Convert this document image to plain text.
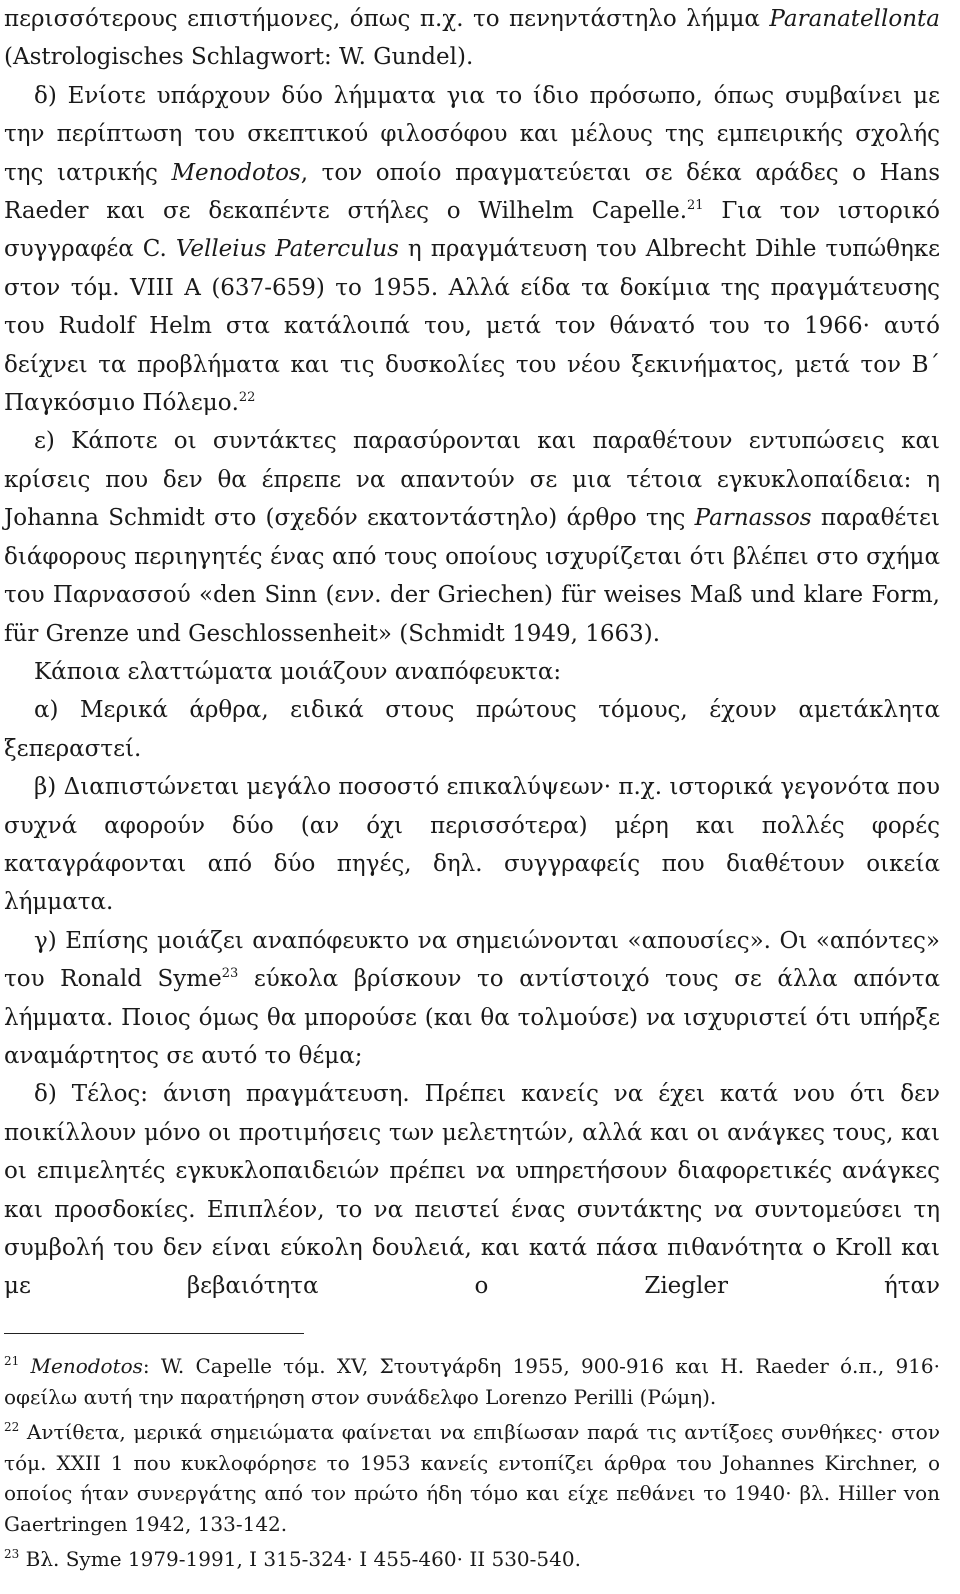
περισσότερους επιστήμονες, όπως π.χ. το πενηντάστηλο λήμμα Paranatellonta (Astrologisches Schlagwort: W. Gundel).
δ) Ενίοτε υπάρχουν δύο λήμματα για το ίδιο πρόσωπο, όπως συμβαίνει με την περίπτωση του σκεπτικού φιλοσόφου και μέλους της εμπειρικής σχολής της ιατρικής Menodotos, τον οποίο πραγματεύεται σε δέκα αράδες ο Hans Raeder και σε δεκαπέντε στήλες ο Wilhelm Capelle.$^{21}$ Για τον ιστορικό συγγραφέα C. Velleius Paterculus η πραγμάτευση του Albrecht Dihle τυπώθηκε στον τόμ. VIII A (637-659) το 1955. Αλλά είδα τα δοκίμια της πραγμάτευσης του Rudolf Helm στα κατάλοιπά του, μετά τον θάνατό του το 1966· αυτό δείχνει τα προβλήματα και τις δυσκολίες του νέου ξεκινήματος, μετά τον Β΄ Παγκόσμιο Πόλεμο.$^{22}$
ε) Κάποτε οι συντάκτες παρασύρονται και παραθέτουν εντυπώσεις και κρίσεις που δεν θα έπρεπε να απαντούν σε μια τέτοια εγκυκλοπαίδεια: η Johanna Schmidt στο (σχεδόν εκατοντάστηλο) άρθρο της Parnassos παραθέτει διάφορους περιηγητές ένας από τους οποίους ισχυρίζεται ότι βλέπει στο σχήμα του Παρνασσού «den Sinn (ενν. der Griechen) für weises Maß und klare Form, für Grenze und Geschlossenheit» (Schmidt 1949, 1663).
Κάποια ελαττώματα μοιάζουν αναπόφευκτα:
α) Μερικά άρθρα, ειδικά στους πρώτους τόμους, έχουν αμετάκλητα ξεπεραστεί.
β) Διαπιστώνεται μεγάλο ποσοστό επικαλύψεων· π.χ. ιστορικά γεγονότα που συχνά αφορούν δύο (αν όχι περισσότερα) μέρη και πολλές φορές καταγράφονται από δύο πηγές, δηλ. συγγραφείς που διαθέτουν οικεία λήμματα.
γ) Επίσης μοιάζει αναπόφευκτο να σημειώνονται «απουσίες». Οι «απόντες» του Ronald Syme$^{23}$ εύκολα βρίσκουν το αντίστοιχό τους σε άλλα απόντα λήμματα. Ποιος όμως θα μπορούσε (και θα τολμούσε) να ισχυριστεί ότι υπήρξε αναμάρτητος σε αυτό το θέμα;
δ) Τέλος: άνιση πραγμάτευση. Πρέπει κανείς να έχει κατά νου ότι δεν ποικίλλουν μόνο οι προτιμήσεις των μελετητών, αλλά και οι ανάγκες τους, και οι επιμελητές εγκυκλοπαιδειών πρέπει να υπηρετήσουν διαφορετικές ανάγκες και προσδοκίες. Επιπλέον, το να πειστεί ένας συντάκτης να συντομεύσει τη συμβολή του δεν είναι εύκολη δουλειά, και κατά πάσα πιθανότητα ο Kroll και με βεβαιότητα ο Ziegler ήταν
$^{21}$ Menodotos: W. Capelle τόμ. XV, Στουτγάρδη 1955, 900-916 και H. Raeder ό.π., 916· οφείλω αυτή την παρατήρηση στον συνάδελφο Lorenzo Perilli (Ρώμη).
$^{22}$ Αντίθετα, μερικά σημειώματα φαίνεται να επιβίωσαν παρά τις αντίξοες συνθήκες· στον τόμ. XXII 1 που κυκλοφόρησε το 1953 κανείς εντοπίζει άρθρα του Johannes Kirchner, ο οποίος ήταν συνεργάτης από τον πρώτο ήδη τόμο και είχε πεθάνει το 1940· βλ. Hiller von Gaertringen 1942, 133-142.
$^{23}$ Βλ. Syme 1979-1991, I 315-324· I 455-460· II 530-540.
